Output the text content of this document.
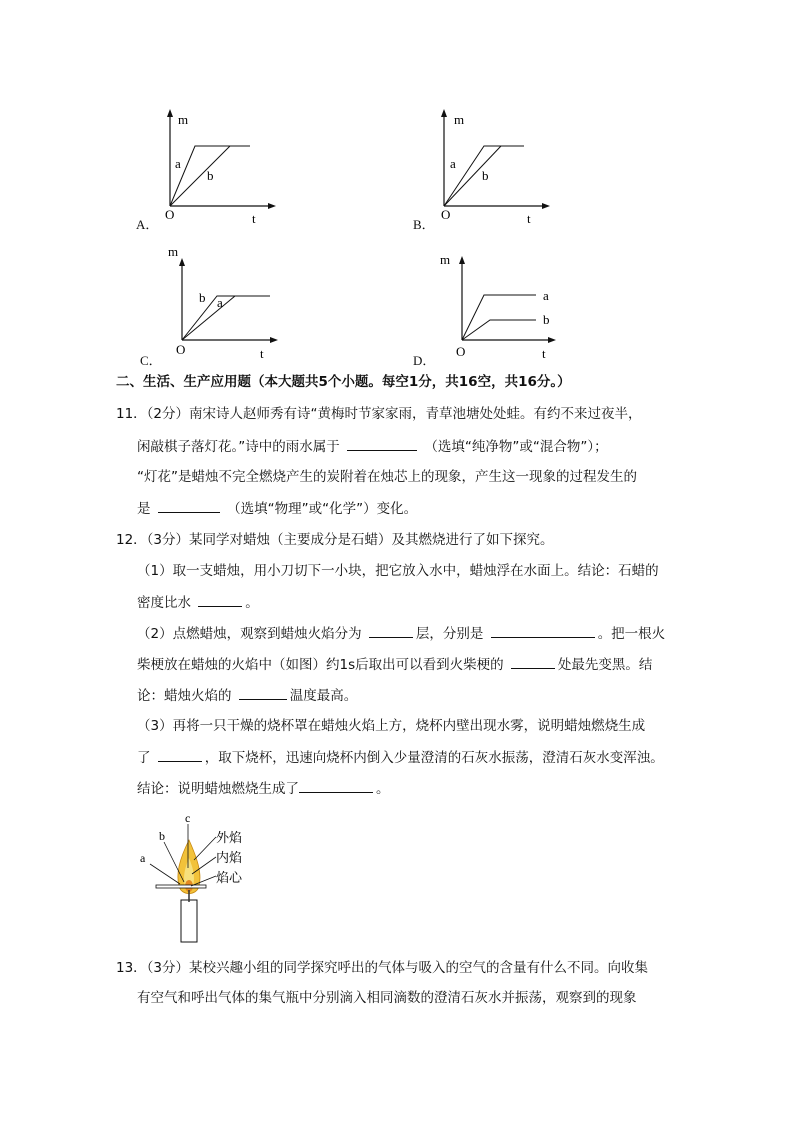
m
t
O
a
b
A．
m
t
O
a
b
B．
m
t
O
b a
C．
m
t
O
a
b
D．
二、生活、生产应用题（本大题共5个小题。每空1分，共16空，共16分。）
11．（2分）南宋诗人赵师秀有诗“黄梅时节家家雨，青草池塘处处蛙。有约不来过夜半，
闲敲棋子落灯花。”诗中的雨水属于	（选填“纯净物”或“混合物”）；
“灯花”是蜡烛不完全燃烧产生的炭附着在烛芯上的现象，产生这一现象的过程发生的
是	（选填“物理”或“化学”）变化。
12．（3分）某同学对蜡烛（主要成分是石蜡）及其燃烧进行了如下探究。
（1）取一支蜡烛，用小刀切下一小块，把它放入水中，蜡烛浮在水面上。结论：石蜡的
密度比水	。
（2）点燃蜡烛，观察到蜡烛火焰分为	层，分别是	。把一根火
柴梗放在蜡烛的火焰中（如图）约1s后取出可以看到火柴梗的	处最先变黑。结
论：蜡烛火焰的	温度最高。
（3）再将一只干燥的烧杯罩在蜡烛火焰上方，烧杯内壁出现水雾，说明蜡烛燃烧生成
了	，取下烧杯，迅速向烧杯内倒入少量澄清的石灰水振荡，澄清石灰水变浑浊。
结论：说明蜡烛燃烧生成了	。
c
b
a
外焰
内焰
焰心
13．（3分）某校兴趣小组的同学探究呼出的气体与吸入的空气的含量有什么不同。向收集
有空气和呼出气体的集气瓶中分别滴入相同滴数的澄清石灰水并振荡，观察到的现象
